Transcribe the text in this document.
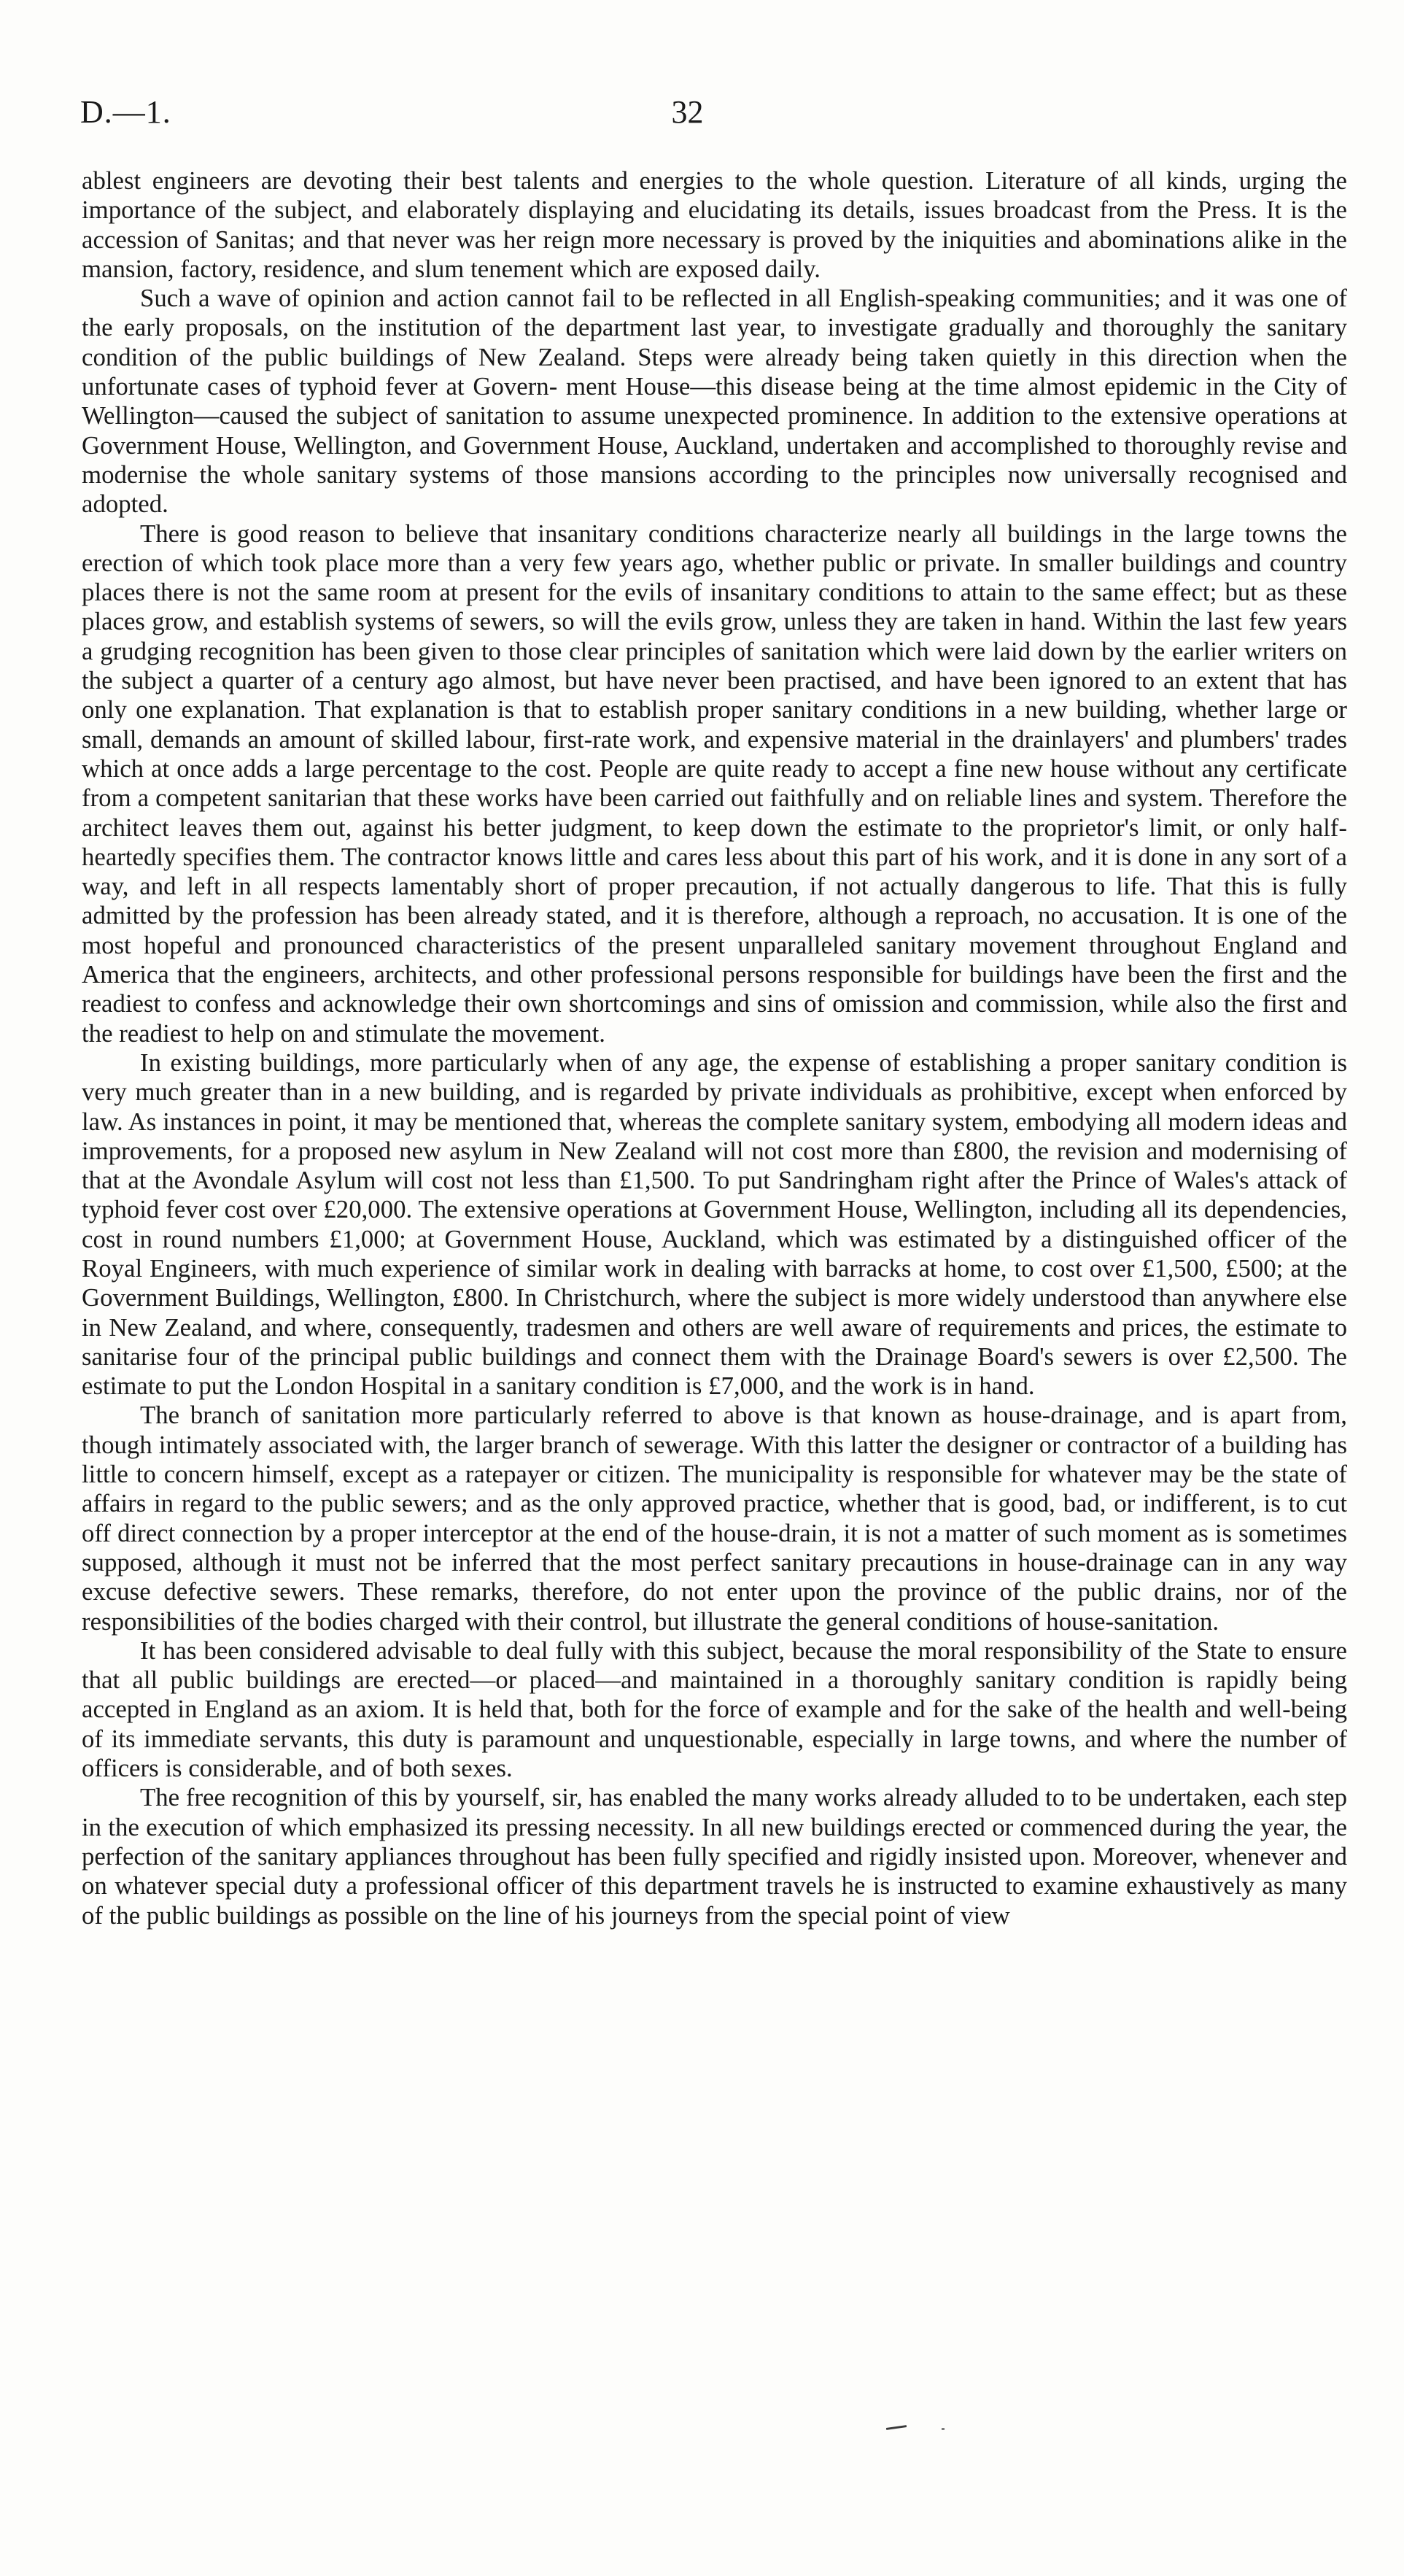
D.—1.	32

ablest engineers are devoting their best talents and energies to the whole question. Literature of all kinds, urging the importance of the subject, and elaborately displaying and elucidating its details, issues broadcast from the Press. It is the accession of Sanitas; and that never was her reign more necessary is proved by the iniquities and abominations alike in the mansion, factory, residence, and slum tenement which are exposed daily.

Such a wave of opinion and action cannot fail to be reflected in all English-speaking communities; and it was one of the early proposals, on the institution of the department last year, to investigate gradually and thoroughly the sanitary condition of the public buildings of New Zealand. Steps were already being taken quietly in this direction when the unfortunate cases of typhoid fever at Govern- ment House—this disease being at the time almost epidemic in the City of Wellington—caused the subject of sanitation to assume unexpected prominence. In addition to the extensive operations at Government House, Wellington, and Government House, Auckland, undertaken and accomplished to thoroughly revise and modernise the whole sanitary systems of those mansions according to the principles now universally recognised and adopted.

There is good reason to believe that insanitary conditions characterize nearly all buildings in the large towns the erection of which took place more than a very few years ago, whether public or private. In smaller buildings and country places there is not the same room at present for the evils of insanitary conditions to attain to the same effect; but as these places grow, and establish systems of sewers, so will the evils grow, unless they are taken in hand. Within the last few years a grudging recognition has been given to those clear principles of sanitation which were laid down by the earlier writers on the subject a quarter of a century ago almost, but have never been practised, and have been ignored to an extent that has only one explanation. That explanation is that to establish proper sanitary conditions in a new building, whether large or small, demands an amount of skilled labour, first-rate work, and expensive material in the drainlayers' and plumbers' trades which at once adds a large percentage to the cost. People are quite ready to accept a fine new house without any certificate from a competent sanitarian that these works have been carried out faithfully and on reliable lines and system. Therefore the architect leaves them out, against his better judgment, to keep down the estimate to the proprietor's limit, or only half- heartedly specifies them. The contractor knows little and cares less about this part of his work, and it is done in any sort of a way, and left in all respects lamentably short of proper precaution, if not actually dangerous to life. That this is fully admitted by the profession has been already stated, and it is therefore, although a reproach, no accusation. It is one of the most hopeful and pronounced characteristics of the present unparalleled sanitary movement throughout England and America that the engineers, architects, and other professional persons responsible for buildings have been the first and the readiest to confess and acknowledge their own shortcomings and sins of omission and commission, while also the first and the readiest to help on and stimulate the movement.

In existing buildings, more particularly when of any age, the expense of establishing a proper sanitary condition is very much greater than in a new building, and is regarded by private individuals as prohibitive, except when enforced by law. As instances in point, it may be mentioned that, whereas the complete sanitary system, embodying all modern ideas and improvements, for a proposed new asylum in New Zealand will not cost more than £800, the revision and modernising of that at the Avondale Asylum will cost not less than £1,500. To put Sandringham right after the Prince of Wales's attack of typhoid fever cost over £20,000. The extensive operations at Government House, Wellington, including all its dependencies, cost in round numbers £1,000; at Government House, Auckland, which was estimated by a distinguished officer of the Royal Engineers, with much experience of similar work in dealing with barracks at home, to cost over £1,500, £500; at the Government Buildings, Wellington, £800. In Christchurch, where the subject is more widely understood than anywhere else in New Zealand, and where, consequently, tradesmen and others are well aware of requirements and prices, the estimate to sanitarise four of the principal public buildings and connect them with the Drainage Board's sewers is over £2,500. The estimate to put the London Hospital in a sanitary condition is £7,000, and the work is in hand.

The branch of sanitation more particularly referred to above is that known as house-drainage, and is apart from, though intimately associated with, the larger branch of sewerage. With this latter the designer or contractor of a building has little to concern himself, except as a ratepayer or citizen. The municipality is responsible for whatever may be the state of affairs in regard to the public sewers; and as the only approved practice, whether that is good, bad, or indifferent, is to cut off direct connection by a proper interceptor at the end of the house-drain, it is not a matter of such moment as is sometimes supposed, although it must not be inferred that the most perfect sanitary precautions in house-drainage can in any way excuse defective sewers. These remarks, therefore, do not enter upon the province of the public drains, nor of the responsibilities of the bodies charged with their control, but illustrate the general conditions of house-sanitation.

It has been considered advisable to deal fully with this subject, because the moral responsibility of the State to ensure that all public buildings are erected—or placed—and maintained in a thoroughly sanitary condition is rapidly being accepted in England as an axiom. It is held that, both for the force of example and for the sake of the health and well-being of its immediate servants, this duty is paramount and unquestionable, especially in large towns, and where the number of officers is considerable, and of both sexes.

The free recognition of this by yourself, sir, has enabled the many works already alluded to to be undertaken, each step in the execution of which emphasized its pressing necessity. In all new buildings erected or commenced during the year, the perfection of the sanitary appliances throughout has been fully specified and rigidly insisted upon. Moreover, whenever and on whatever special duty a professional officer of this department travels he is instructed to examine exhaustively as many of the public buildings as possible on the line of his journeys from the special point of view
